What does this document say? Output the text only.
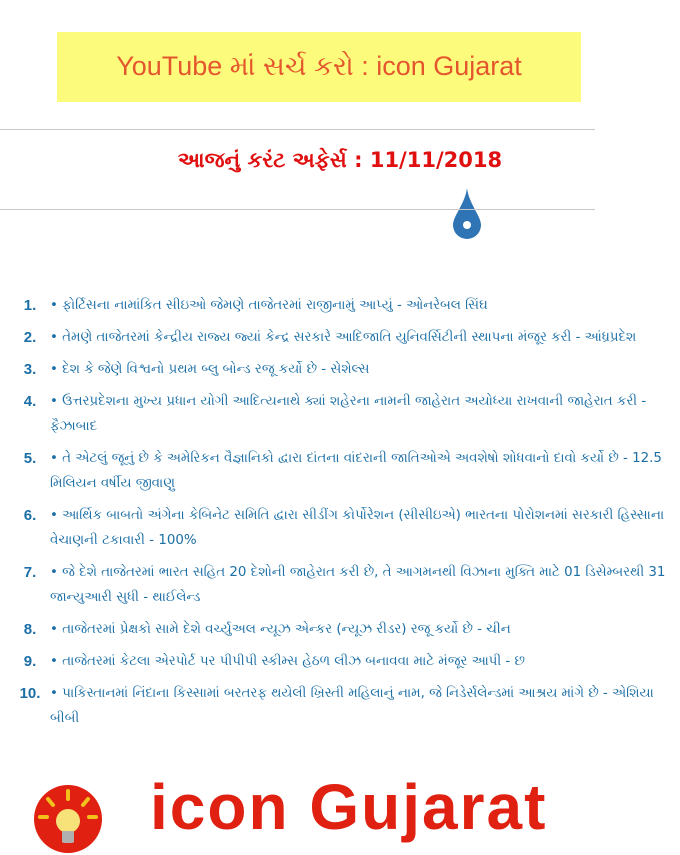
YouTube માં સર્ચ કરો : icon Gujarat
આજનું કરંટ અફેર્સ : 11/11/2018
1.	• ફોર્ટિસના નામાંકિત સીઇઓ જેમણે તાજેતરમાં રાજીનામું આપ્યું - ઓનરેબલ સિંઘ
2.	• તેમણે તાજેતરમાં કેન્દ્રીય રાજ્ય જ્યાં કેન્દ્ર સરકારે આદિજાતિ યુનિવર્સિટીની સ્થાપના મંજૂર કરી - આંધ્રપ્રદેશ
3.	• દેશ કે જેણે વિશ્વનો પ્રથમ બ્લુ બોન્ડ રજૂ કર્યો છે - સેશેલ્સ
4.	• ઉત્તરપ્રદેશના મુખ્ય પ્રધાન યોગી આદિત્યનાથે ક્યાં શહેરના નામની જાહેરાત અયોધ્યા રાખવાની જાહેરાત કરી - ફૈઝાબાદ
5.	• તે એટલું જૂનું છે કે અમેરિકન વૈજ્ઞાનિકો દ્વારા દાંતના વાંદરાની જાતિઓએ અવશેષો શોધવાનો દાવો કર્યો છે - 12.5 મિલિયન વર્ષીય જીવાણુ
6.	• આર્થિક બાબતો અંગેના કેબિનેટ સમિતિ દ્વારા સીડીંગ કોર્પોરેશન (સીસીઇએ) ભારતના પોરોશનમાં સરકારી હિસ્સાના વેચાણની ટકાવારી - 100%
7.	• જે દેશે તાજેતરમાં ભારત સહિત 20 દેશોની જાહેરાત કરી છે, તે આગમનથી વિઝાના મુક્તિ માટે 01 ડિસેમ્બરથી 31 જાન્યુઆરી સુધી - થાઈલેન્ડ
8.	• તાજેતરમાં પ્રેક્ષકો સામે દેશે વર્ચ્યુઅલ ન્યૂઝ એન્કર (ન્યૂઝ રીડર) રજૂ કર્યો છે - ચીન
9.	• તાજેતરમાં કેટલા એરપોર્ટ પર પીપીપી સ્કીમ્સ હેઠળ લીઝ બનાવવા માટે મંજૂર આપી - છ
10. • પાકિસ્તાનમાં નિંદાના કિસ્સામાં બરતરફ થયેલી ખ્રિસ્તી મહિલાનું નામ, જે નિડેર્સલેન્ડમાં આશ્રય માંગે છે - એશિયા બીબી
icon Gujarat
